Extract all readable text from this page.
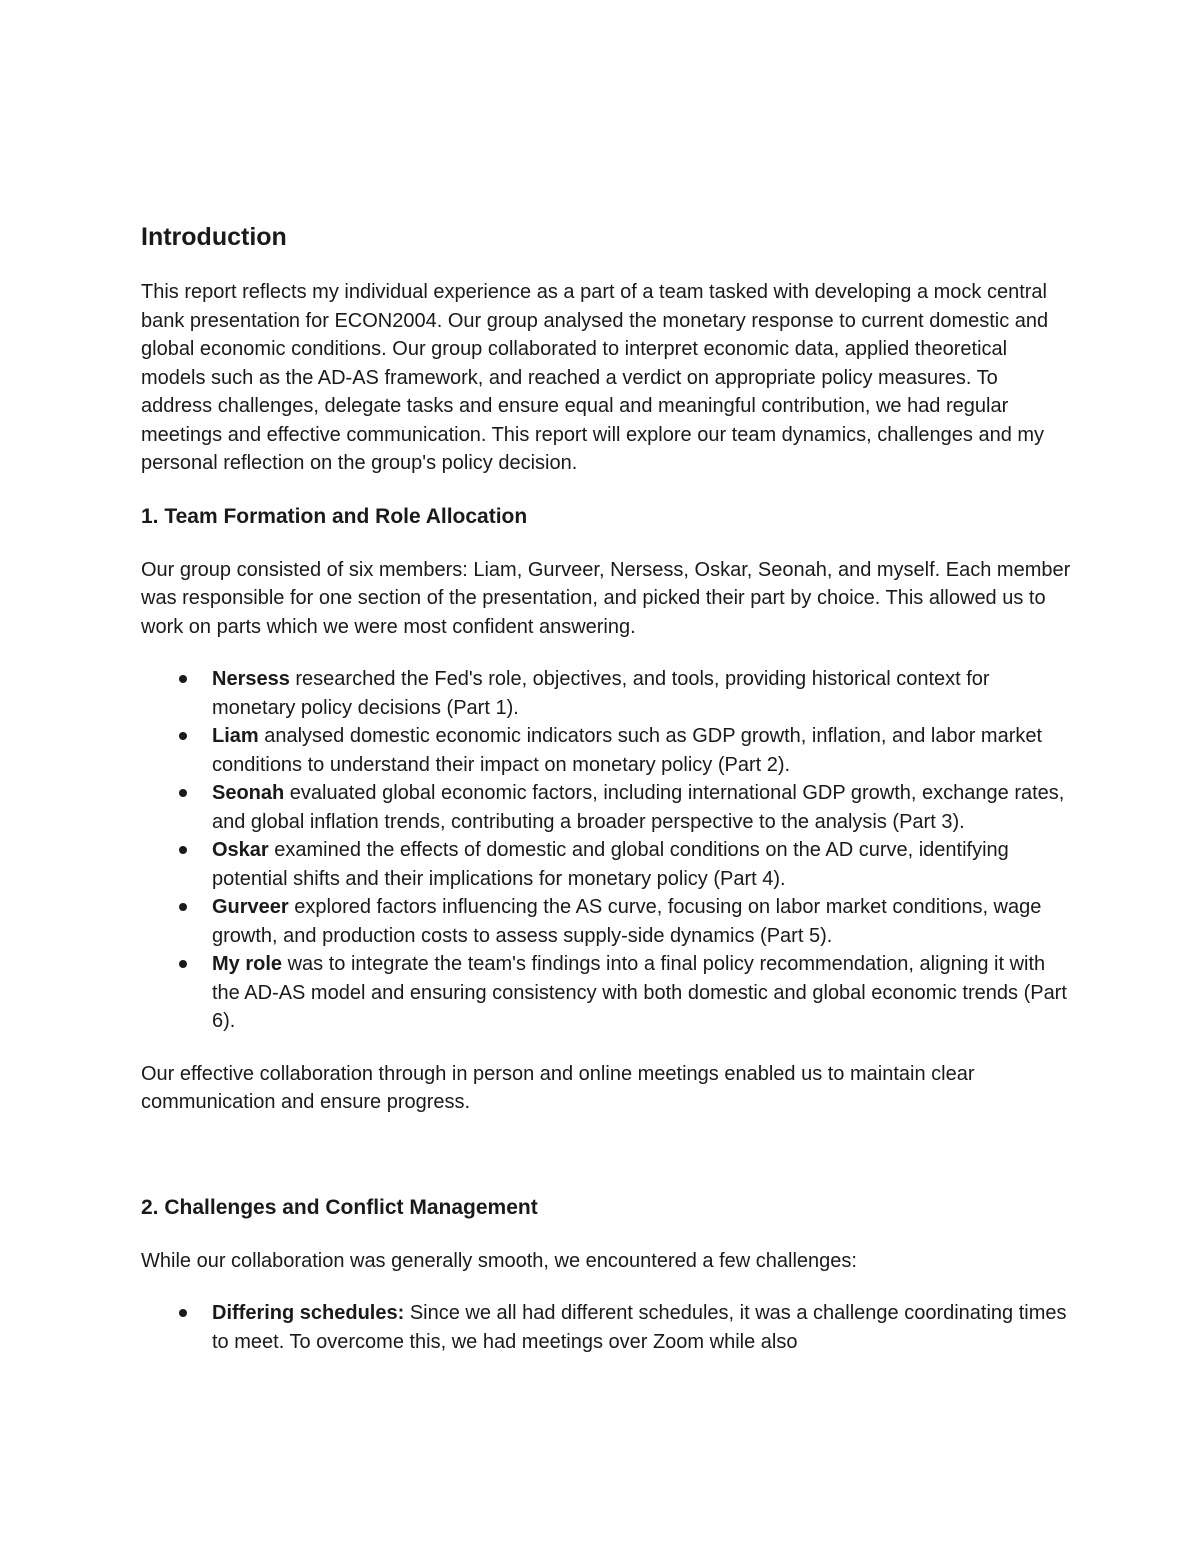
Introduction

This report reflects my individual experience as a part of a team tasked with developing a mock central bank presentation for ECON2004. Our group analysed the monetary response to current domestic and global economic conditions. Our group collaborated to interpret economic data, applied theoretical models such as the AD-AS framework, and reached a verdict on appropriate policy measures. To address challenges, delegate tasks and ensure equal and meaningful contribution, we had regular meetings and effective communication. This report will explore our team dynamics, challenges and my personal reflection on the group's policy decision.

1. Team Formation and Role Allocation

Our group consisted of six members: Liam, Gurveer, Nersess, Oskar, Seonah, and myself. Each member was responsible for one section of the presentation, and picked their part by choice. This allowed us to work on parts which we were most confident answering.

Nersess researched the Fed's role, objectives, and tools, providing historical context for monetary policy decisions (Part 1).
Liam analysed domestic economic indicators such as GDP growth, inflation, and labor market conditions to understand their impact on monetary policy (Part 2).
Seonah evaluated global economic factors, including international GDP growth, exchange rates, and global inflation trends, contributing a broader perspective to the analysis (Part 3).
Oskar examined the effects of domestic and global conditions on the AD curve, identifying potential shifts and their implications for monetary policy (Part 4).
Gurveer explored factors influencing the AS curve, focusing on labor market conditions, wage growth, and production costs to assess supply-side dynamics (Part 5).
My role was to integrate the team's findings into a final policy recommendation, aligning it with the AD-AS model and ensuring consistency with both domestic and global economic trends (Part 6).

Our effective collaboration through in person and online meetings enabled us to maintain clear communication and ensure progress.

2. Challenges and Conflict Management

While our collaboration was generally smooth, we encountered a few challenges:

Differing schedules: Since we all had different schedules, it was a challenge coordinating times to meet. To overcome this, we had meetings over Zoom while also
